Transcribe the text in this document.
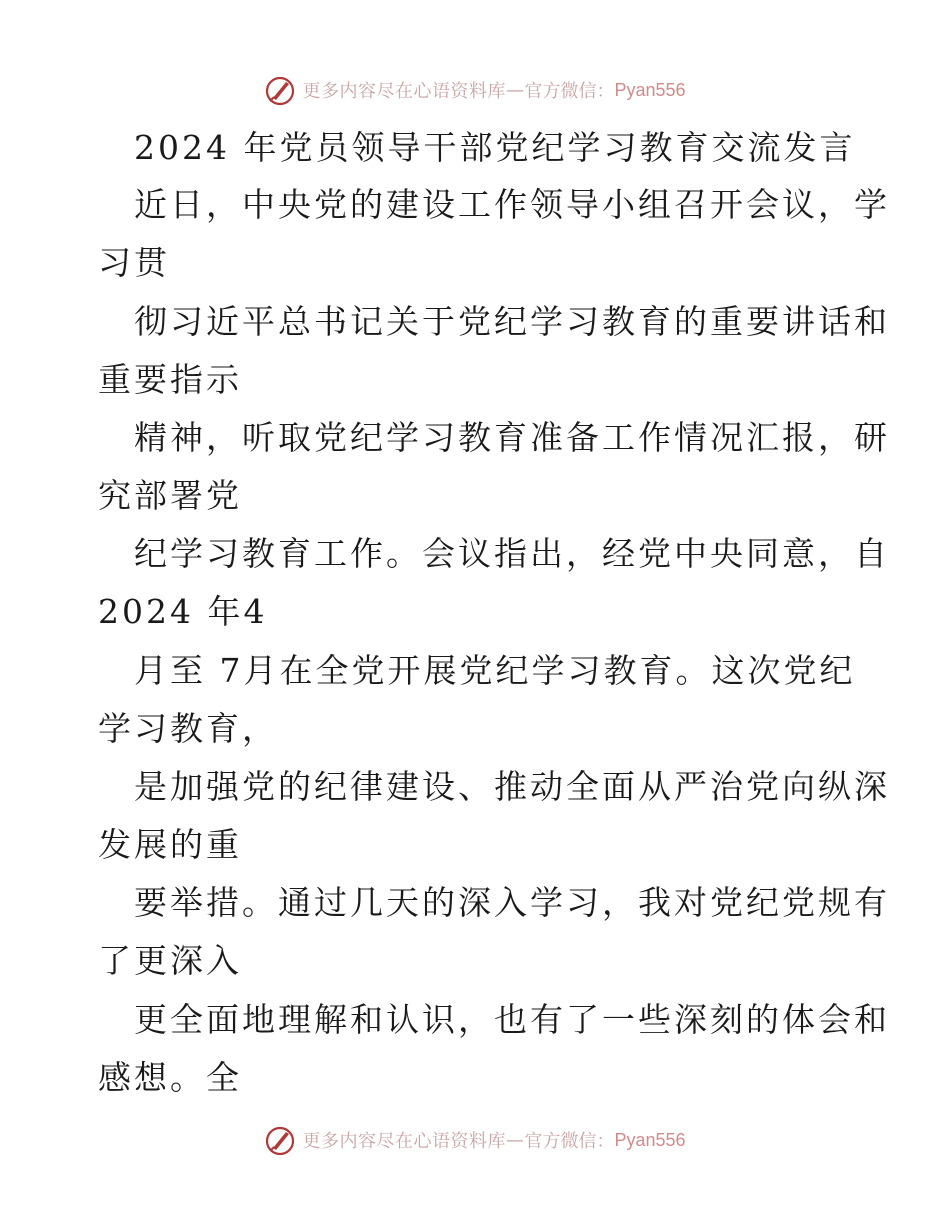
更多内容尽在心语资料库 — 官方微信： Pyan556
2024 年党员领导干部党纪学习教育交流发言
近日，中央党的建设工作领导小组召开会议，学
习贯
彻习近平总书记关于党纪学习教育的重要讲话和
重要指示
精神，听取党纪学习教育准备工作情况汇报，研
究部署党
纪学习教育工作。会议指出，经党中央同意，自
2024 年4
月至 7月在全党开展党纪学习教育。这次党纪
学习教育，
是加强党的纪律建设、推动全面从严治党向纵深
发展的重
要举措。通过几天的深入学习，我对党纪党规有
了更深入
更全面地理解和认识，也有了一些深刻的体会和
感想。全
更多内容尽在心语资料库 — 官方微信： Pyan556
